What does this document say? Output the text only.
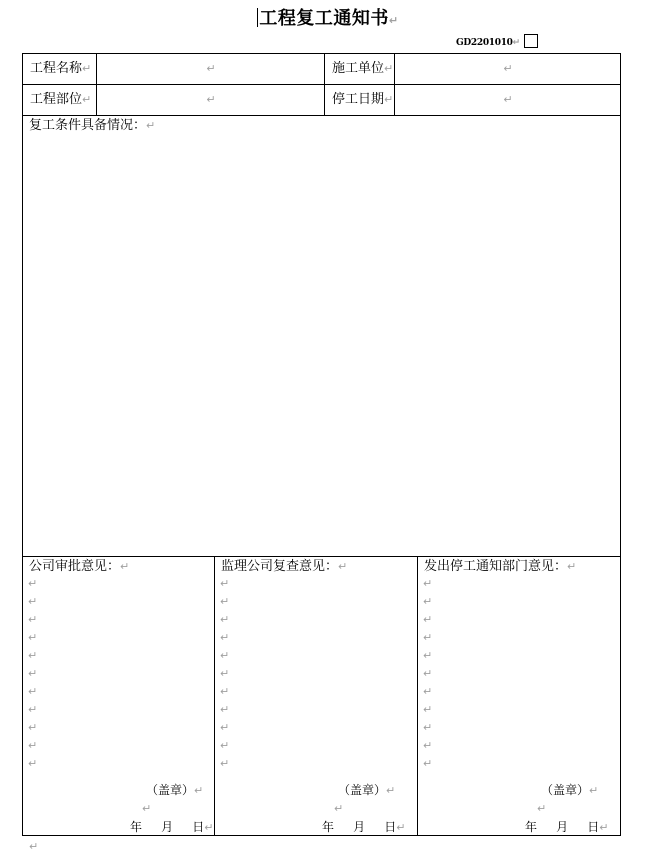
工程复工通知书↵
GD2201010↵
工程名称↵	↵	施工单位↵	↵
工程部位↵	↵	停工日期↵	↵
复工条件具备情况：↵
公司审批意见：↵
↵
↵
↵
↵
↵
↵
↵
↵
↵
↵
↵
（盖章）↵
↵
年 月 日↵
监理公司复查意见：↵
↵
↵
↵
↵
↵
↵
↵
↵
↵
↵
↵
（盖章）↵
↵
年 月 日↵
发出停工通知部门意见：↵
↵
↵
↵
↵
↵
↵
↵
↵
↵
↵
↵
（盖章）↵
↵
年 月 日↵
↵
